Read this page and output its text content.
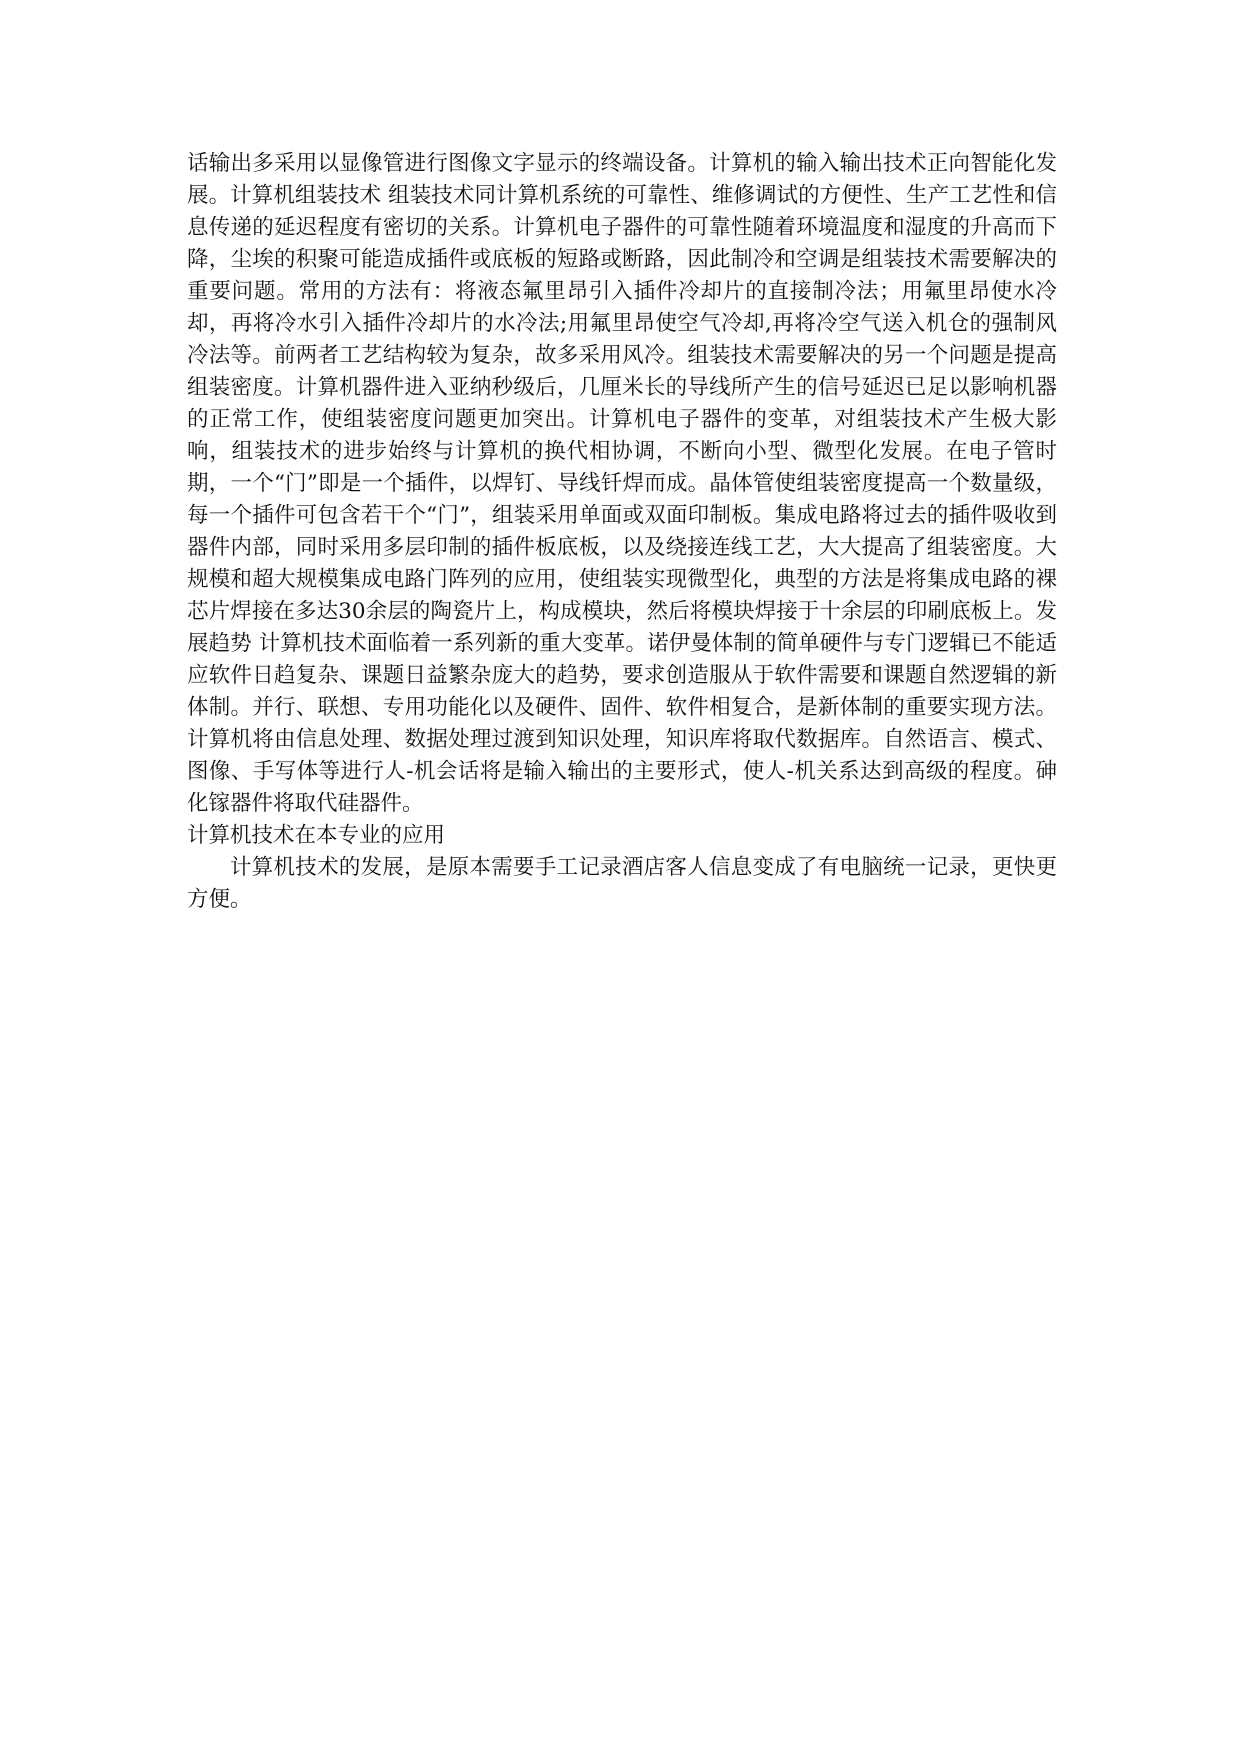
话输出多采用以显像管进行图像文字显示的终端设备。计算机的输入输出技术正向智能化发展。计算机组装技术 组装技术同计算机系统的可靠性、维修调试的方便性、生产工艺性和信息传递的延迟程度有密切的关系。计算机电子器件的可靠性随着环境温度和湿度的升高而下降，尘埃的积聚可能造成插件或底板的短路或断路，因此制冷和空调是组装技术需要解决的重要问题。常用的方法有：将液态氟里昂引入插件冷却片的直接制冷法；用氟里昂使水冷却，再将冷水引入插件冷却片的水冷法;用氟里昂使空气冷却,再将冷空气送入机仓的强制风冷法等。前两者工艺结构较为复杂，故多采用风冷。组装技术需要解决的另一个问题是提高组装密度。计算机器件进入亚纳秒级后，几厘米长的导线所产生的信号延迟已足以影响机器的正常工作，使组装密度问题更加突出。计算机电子器件的变革，对组装技术产生极大影响，组装技术的进步始终与计算机的换代相协调，不断向小型、微型化发展。在电子管时期，一个“门”即是一个插件，以焊钉、导线钎焊而成。晶体管使组装密度提高一个数量级，每一个插件可包含若干个“门”，组装采用单面或双面印制板。集成电路将过去的插件吸收到器件内部，同时采用多层印制的插件板底板，以及绕接连线工艺，大大提高了组装密度。大规模和超大规模集成电路门阵列的应用，使组装实现微型化，典型的方法是将集成电路的裸芯片焊接在多达30余层的陶瓷片上，构成模块，然后将模块焊接于十余层的印刷底板上。发展趋势 计算机技术面临着一系列新的重大变革。诺伊曼体制的简单硬件与专门逻辑已不能适应软件日趋复杂、课题日益繁杂庞大的趋势，要求创造服从于软件需要和课题自然逻辑的新体制。并行、联想、专用功能化以及硬件、固件、软件相复合，是新体制的重要实现方法。计算机将由信息处理、数据处理过渡到知识处理，知识库将取代数据库。自然语言、模式、图像、手写体等进行人-机会话将是输入输出的主要形式，使人-机关系达到高级的程度。砷化镓器件将取代硅器件。

计算机技术在本专业的应用

计算机技术的发展，是原本需要手工记录酒店客人信息变成了有电脑统一记录，更快更方便。
